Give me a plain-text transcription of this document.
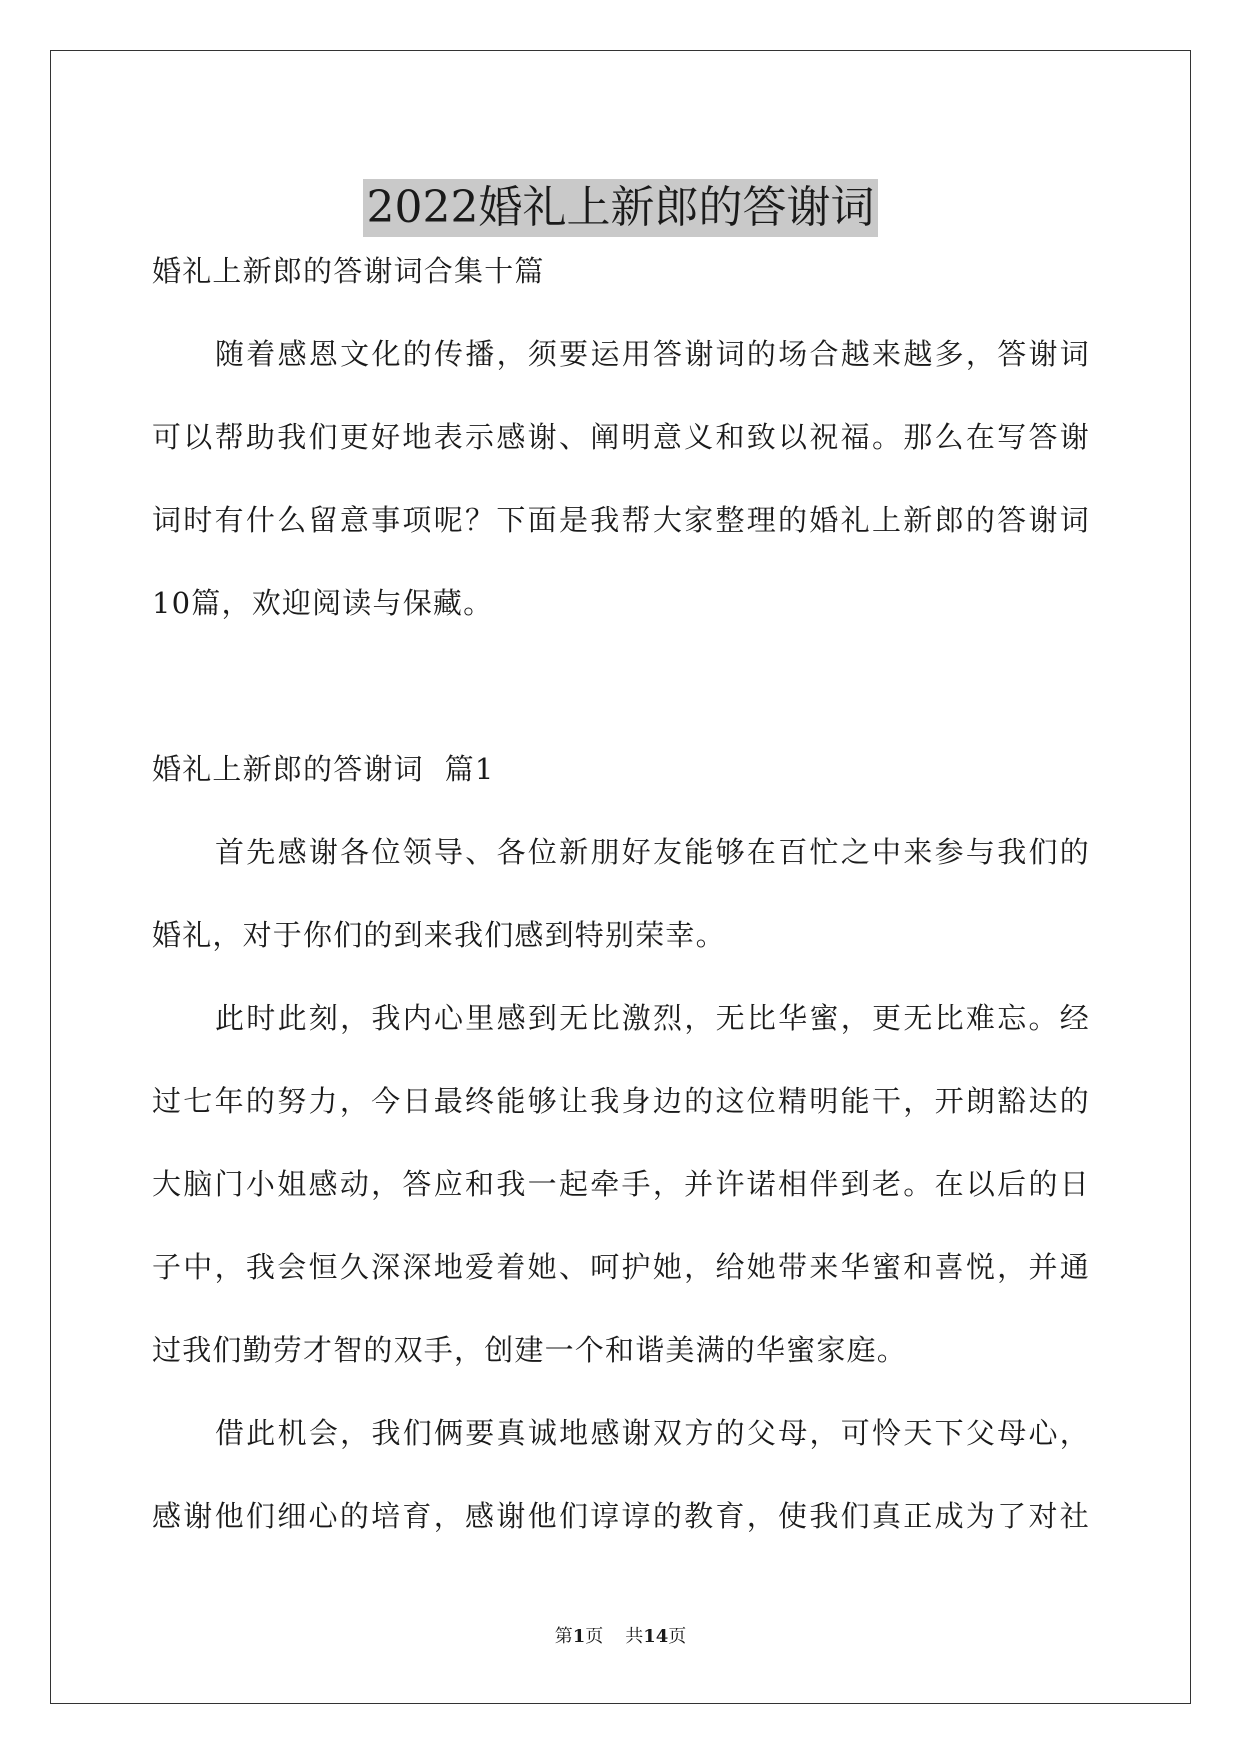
2022婚礼上新郎的答谢词
婚礼上新郎的答谢词合集十篇
随着感恩文化的传播，须要运用答谢词的场合越来越多，答谢词
可以帮助我们更好地表示感谢、阐明意义和致以祝福。那么在写答谢
词时有什么留意事项呢？下面是我帮大家整理的婚礼上新郎的答谢词
10篇，欢迎阅读与保藏。
婚礼上新郎的答谢词  篇1
首先感谢各位领导、各位新朋好友能够在百忙之中来参与我们的
婚礼，对于你们的到来我们感到特别荣幸。
此时此刻，我内心里感到无比激烈，无比华蜜，更无比难忘。经
过七年的努力，今日最终能够让我身边的这位精明能干，开朗豁达的
大脑门小姐感动，答应和我一起牵手，并许诺相伴到老。在以后的日
子中，我会恒久深深地爱着她、呵护她，给她带来华蜜和喜悦，并通
过我们勤劳才智的双手，创建一个和谐美满的华蜜家庭。
借此机会，我们俩要真诚地感谢双方的父母，可怜天下父母心，
感谢他们细心的培育，感谢他们谆谆的教育，使我们真正成为了对社
第1页 共14页
